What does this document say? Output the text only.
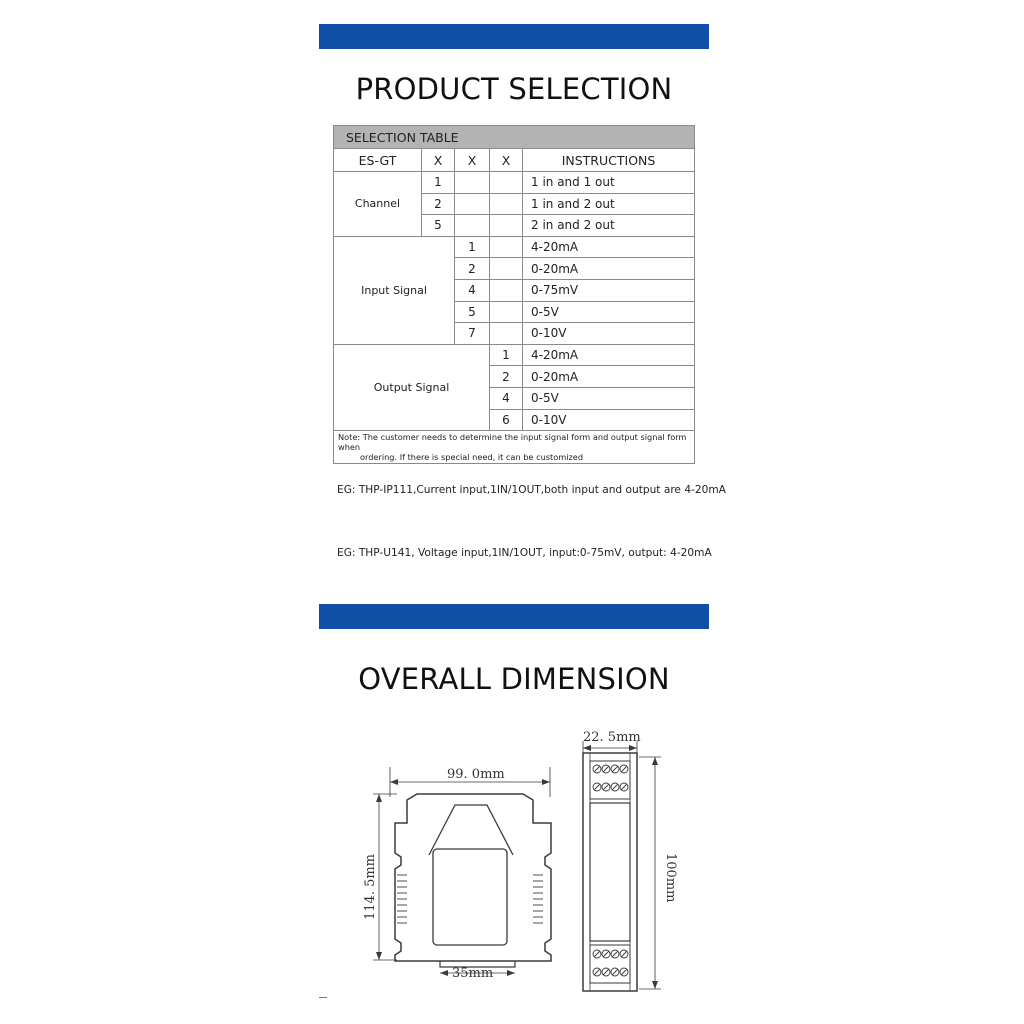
PRODUCT SELECTION
SELECTION TABLE				
ES-GT	X	X	X	INSTRUCTIONS
Channel	1			1 in and 1 out
	2			1 in and 2 out
	5			2 in and 2 out
Input Signal		1		4-20mA
		2		0-20mA
		4		0-75mV
		5		0-5V
		7		0-10V
Output Signal			1	4-20mA
			2	0-20mA
			4	0-5V
			6	0-10V
Note: The customer needs to determine the input signal form and output signal form when
ordering. If there is special need, it can be customized				
EG: THP-IP111,Current input,1IN/1OUT,both input and output are 4-20mA
EG: THP-U141, Voltage input,1IN/1OUT, input:0-75mV, output: 4-20mA
OVERALL DIMENSION
99. 0mm
114. 5mm
35mm
22. 5mm
100mm
